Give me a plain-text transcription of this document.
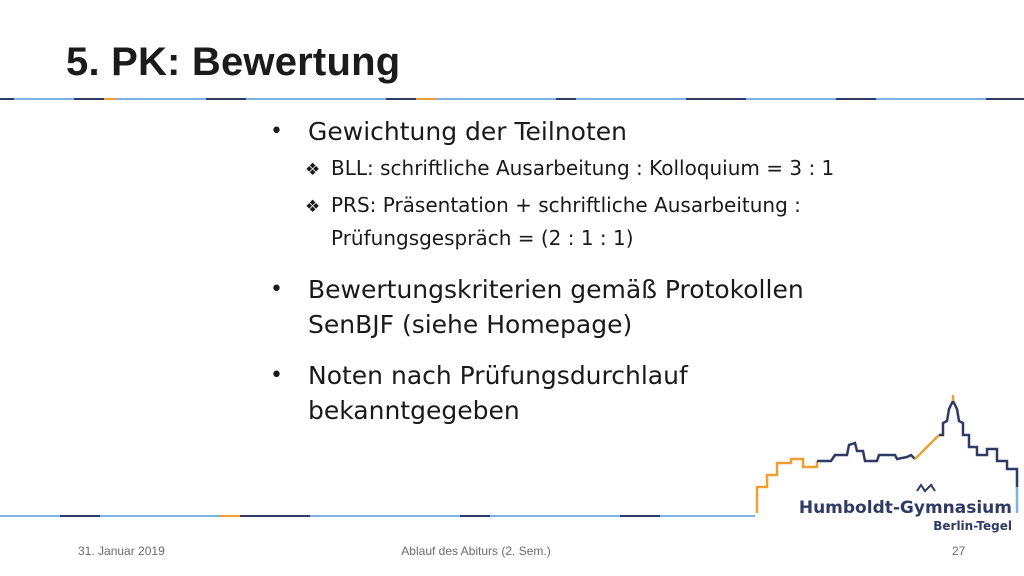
5. PK: Bewertung
• Gewichtung der Teilnoten
❖ BLL: schriftliche Ausarbeitung : Kolloquium = 3 : 1
❖ PRS: Präsentation + schriftliche Ausarbeitung :
Prüfungsgespräch = (2 : 1 : 1)
• Bewertungskriterien gemäß Protokollen
SenBJF (siehe Homepage)
• Noten nach Prüfungsdurchlauf
bekanntgegeben
Humboldt-Gymnasium
Berlin-Tegel
31. Januar 2019	Ablauf des Abiturs (2. Sem.)	27
